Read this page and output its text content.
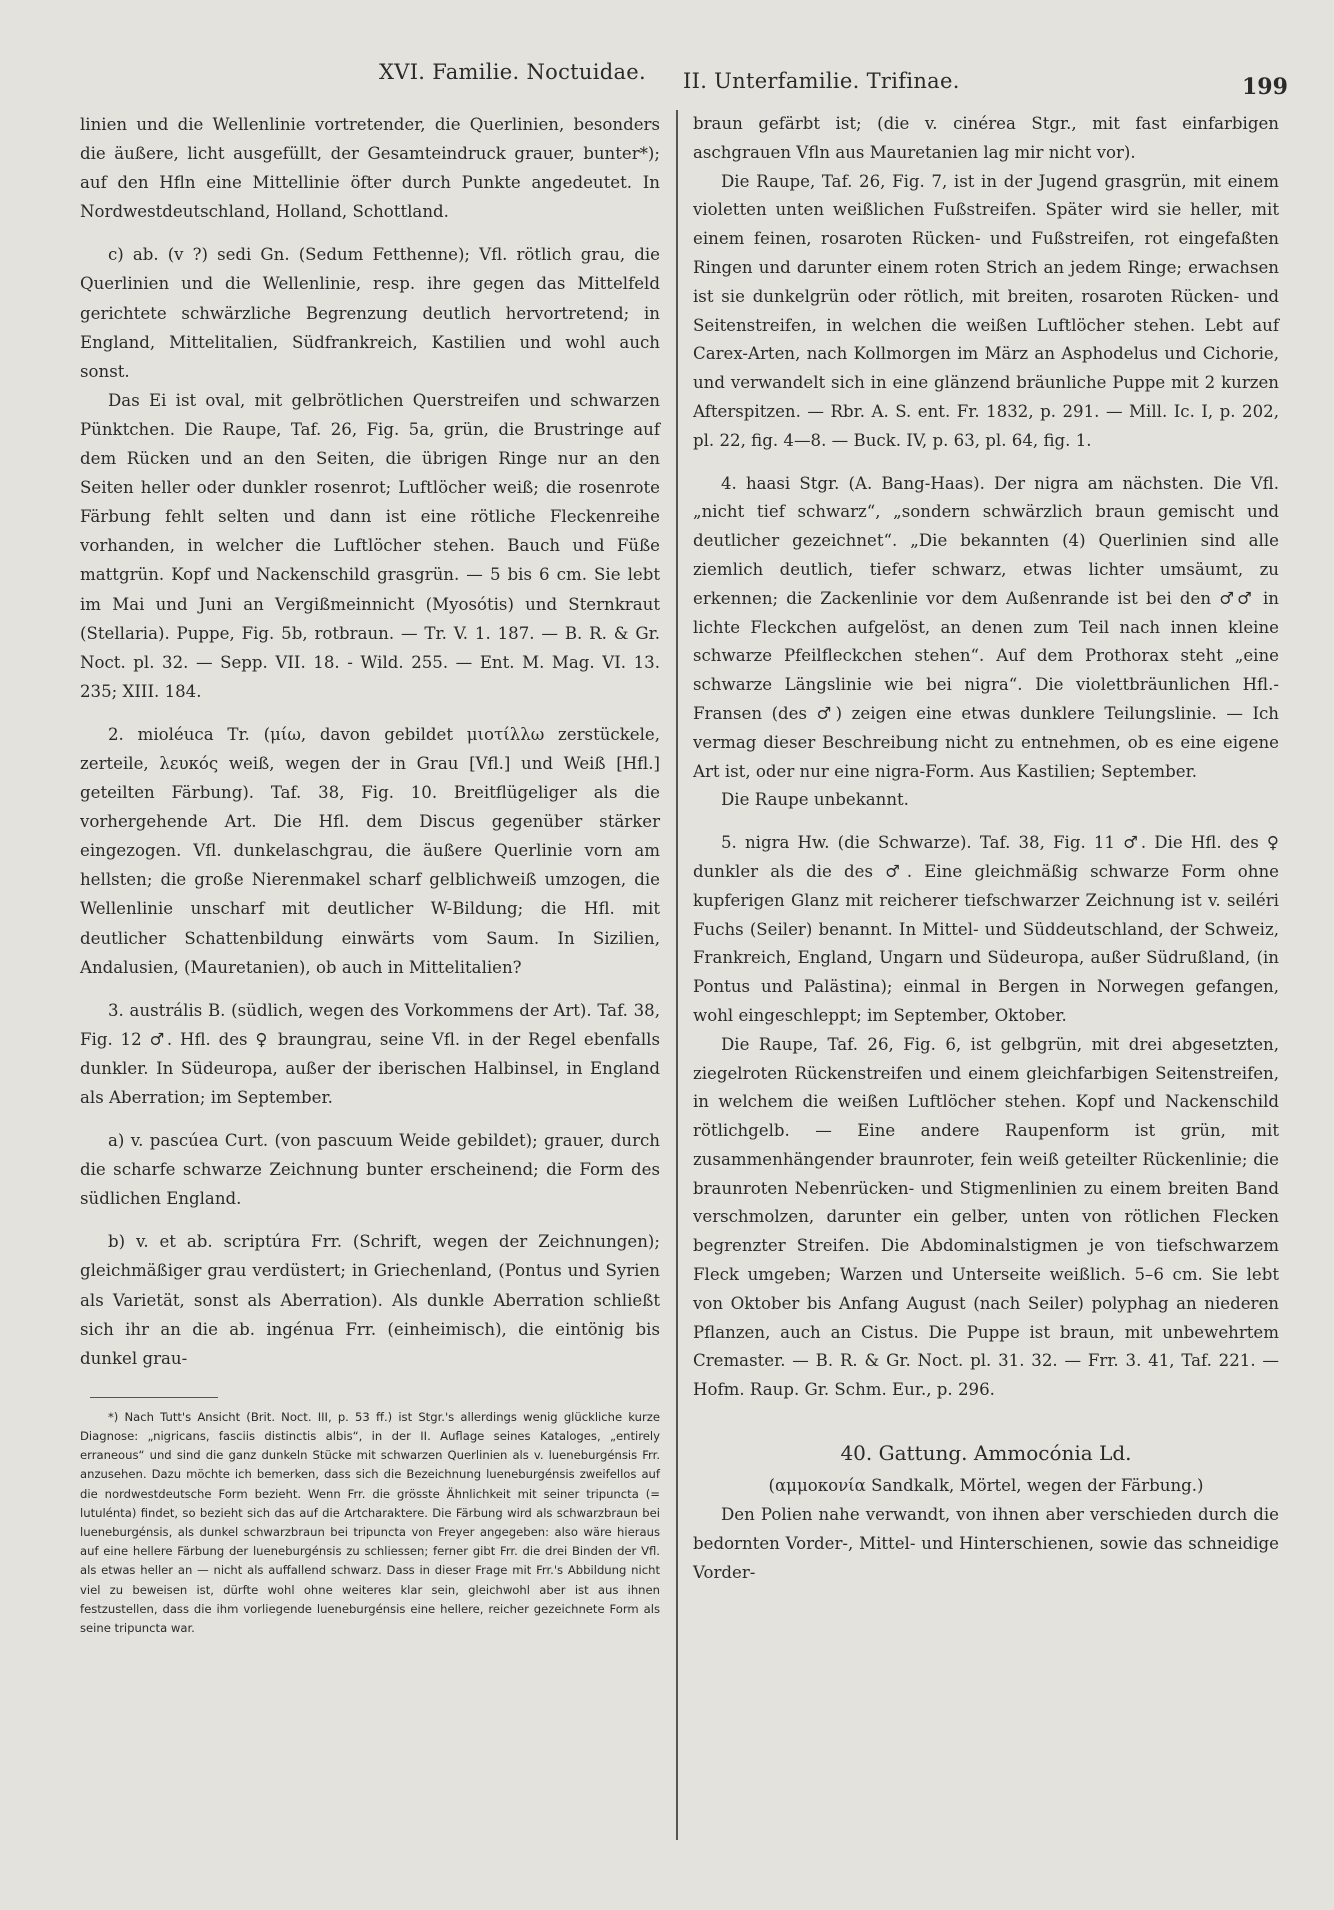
XVI. Familie. Noctuidae. II. Unterfamilie. Trifinae.	199

linien und die Wellenlinie vortretender, die Querlinien, besonders die äußere, licht ausgefüllt, der Gesamteindruck grauer, bunter*); auf den Hfln eine Mittellinie öfter durch Punkte angedeutet. In Nordwestdeutschland, Holland, Schottland.

c) ab. (v ?) sedi Gn. (Sedum Fetthenne); Vfl. rötlich grau, die Querlinien und die Wellenlinie, resp. ihre gegen das Mittelfeld gerichtete schwärzliche Begrenzung deutlich hervortretend; in England, Mittelitalien, Südfrankreich, Kastilien und wohl auch sonst.

Das Ei ist oval, mit gelbrötlichen Querstreifen und schwarzen Pünktchen. Die Raupe, Taf. 26, Fig. 5a, grün, die Brustringe auf dem Rücken und an den Seiten, die übrigen Ringe nur an den Seiten heller oder dunkler rosenrot; Luftlöcher weiß; die rosenrote Färbung fehlt selten und dann ist eine rötliche Fleckenreihe vorhanden, in welcher die Luftlöcher stehen. Bauch und Füße mattgrün. Kopf und Nackenschild grasgrün. — 5 bis 6 cm. Sie lebt im Mai und Juni an Vergißmeinnicht (Myosótis) und Sternkraut (Stellaria). Puppe, Fig. 5b, rotbraun. — Tr. V. 1. 187. — B. R. & Gr. Noct. pl. 32. — Sepp. VII. 18. - Wild. 255. — Ent. M. Mag. VI. 13. 235; XIII. 184.

2. mioléuca Tr. (μίω, davon gebildet μιοτίλλω zerstückele, zerteile, λευκός weiß, wegen der in Grau [Vfl.] und Weiß [Hfl.] geteilten Färbung). Taf. 38, Fig. 10. Breitflügeliger als die vorhergehende Art. Die Hfl. dem Discus gegenüber stärker eingezogen. Vfl. dunkelaschgrau, die äußere Querlinie vorn am hellsten; die große Nierenmakel scharf gelblichweiß umzogen, die Wellenlinie unscharf mit deutlicher W-Bildung; die Hfl. mit deutlicher Schattenbildung einwärts vom Saum. In Sizilien, Andalusien, (Mauretanien), ob auch in Mittelitalien?

3. austrális B. (südlich, wegen des Vorkommens der Art). Taf. 38, Fig. 12 ♂. Hfl. des ♀ braungrau, seine Vfl. in der Regel ebenfalls dunkler. In Südeuropa, außer der iberischen Halbinsel, in England als Aberration; im September.

a) v. pascúea Curt. (von pascuum Weide gebildet); grauer, durch die scharfe schwarze Zeichnung bunter erscheinend; die Form des südlichen England.

b) v. et ab. scriptúra Frr. (Schrift, wegen der Zeichnungen); gleichmäßiger grau verdüstert; in Griechenland, (Pontus und Syrien als Varietät, sonst als Aberration). Als dunkle Aberration schließt sich ihr an die ab. ingénua Frr. (einheimisch), die eintönig bis dunkel grau-

*) Nach Tutt's Ansicht (Brit. Noct. III, p. 53 ff.) ist Stgr.'s allerdings wenig glückliche kurze Diagnose: „nigricans, fasciis distinctis albis“, in der II. Auflage seines Kataloges, „entirely erraneous“ und sind die ganz dunkeln Stücke mit schwarzen Querlinien als v. lueneburgénsis Frr. anzusehen. Dazu möchte ich bemerken, dass sich die Bezeichnung lueneburgénsis zweifellos auf die nordwestdeutsche Form bezieht. Wenn Frr. die grösste Ähnlichkeit mit seiner tripuncta (= lutulénta) findet, so bezieht sich das auf die Artcharaktere. Die Färbung wird als schwarzbraun bei lueneburgénsis, als dunkel schwarzbraun bei tripuncta von Freyer angegeben: also wäre hieraus auf eine hellere Färbung der lueneburgénsis zu schliessen; ferner gibt Frr. die drei Binden der Vfl. als etwas heller an — nicht als auffallend schwarz. Dass in dieser Frage mit Frr.'s Abbildung nicht viel zu beweisen ist, dürfte wohl ohne weiteres klar sein, gleichwohl aber ist aus ihnen festzustellen, dass die ihm vorliegende lueneburgénsis eine hellere, reicher gezeichnete Form als seine tripuncta war.

braun gefärbt ist; (die v. cinérea Stgr., mit fast einfarbigen aschgrauen Vfln aus Mauretanien lag mir nicht vor).

Die Raupe, Taf. 26, Fig. 7, ist in der Jugend grasgrün, mit einem violetten unten weißlichen Fußstreifen. Später wird sie heller, mit einem feinen, rosaroten Rücken- und Fußstreifen, rot eingefaßten Ringen und darunter einem roten Strich an jedem Ringe; erwachsen ist sie dunkelgrün oder rötlich, mit breiten, rosaroten Rücken- und Seitenstreifen, in welchen die weißen Luftlöcher stehen. Lebt auf Carex-Arten, nach Kollmorgen im März an Asphodelus und Cichorie, und verwandelt sich in eine glänzend bräunliche Puppe mit 2 kurzen Afterspitzen. — Rbr. A. S. ent. Fr. 1832, p. 291. — Mill. Ic. I, p. 202, pl. 22, fig. 4—8. — Buck. IV, p. 63, pl. 64, fig. 1.

4. haasi Stgr. (A. Bang-Haas). Der nigra am nächsten. Die Vfl. „nicht tief schwarz“, „sondern schwärzlich braun gemischt und deutlicher gezeichnet“. „Die bekannten (4) Querlinien sind alle ziemlich deutlich, tiefer schwarz, etwas lichter umsäumt, zu erkennen; die Zackenlinie vor dem Außenrande ist bei den ♂♂ in lichte Fleckchen aufgelöst, an denen zum Teil nach innen kleine schwarze Pfeilfleckchen stehen“. Auf dem Prothorax steht „eine schwarze Längslinie wie bei nigra“. Die violettbräunlichen Hfl.-Fransen (des ♂) zeigen eine etwas dunklere Teilungslinie. — Ich vermag dieser Beschreibung nicht zu entnehmen, ob es eine eigene Art ist, oder nur eine nigra-Form. Aus Kastilien; September.

Die Raupe unbekannt.

5. nigra Hw. (die Schwarze). Taf. 38, Fig. 11 ♂. Die Hfl. des ♀ dunkler als die des ♂. Eine gleichmäßig schwarze Form ohne kupferigen Glanz mit reicherer tiefschwarzer Zeichnung ist v. seiléri Fuchs (Seiler) benannt. In Mittel- und Süddeutschland, der Schweiz, Frankreich, England, Ungarn und Südeuropa, außer Südrußland, (in Pontus und Palästina); einmal in Bergen in Norwegen gefangen, wohl eingeschleppt; im September, Oktober.

Die Raupe, Taf. 26, Fig. 6, ist gelbgrün, mit drei abgesetzten, ziegelroten Rückenstreifen und einem gleichfarbigen Seitenstreifen, in welchem die weißen Luftlöcher stehen. Kopf und Nackenschild rötlichgelb. — Eine andere Raupenform ist grün, mit zusammenhängender braunroter, fein weiß geteilter Rückenlinie; die braunroten Nebenrücken- und Stigmenlinien zu einem breiten Band verschmolzen, darunter ein gelber, unten von rötlichen Flecken begrenzter Streifen. Die Abdominalstigmen je von tiefschwarzem Fleck umgeben; Warzen und Unterseite weißlich. 5–6 cm. Sie lebt von Oktober bis Anfang August (nach Seiler) polyphag an niederen Pflanzen, auch an Cistus. Die Puppe ist braun, mit unbewehrtem Cremaster. — B. R. & Gr. Noct. pl. 31. 32. — Frr. 3. 41, Taf. 221. — Hofm. Raup. Gr. Schm. Eur., p. 296.

40. Gattung. Ammocónia Ld.
(αμμοκονία Sandkalk, Mörtel, wegen der Färbung.)

Den Polien nahe verwandt, von ihnen aber verschieden durch die bedornten Vorder-, Mittel- und Hinterschienen, sowie das schneidige Vorder-
